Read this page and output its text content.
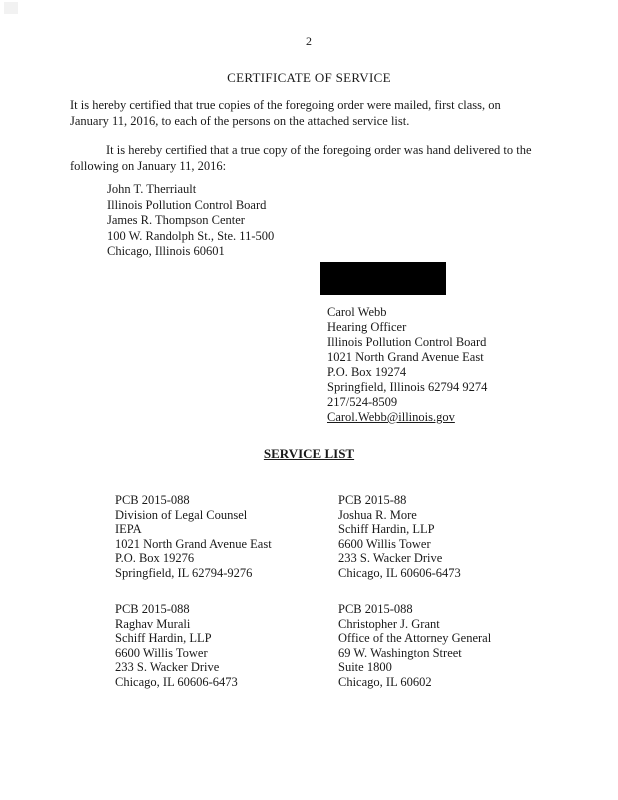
2
CERTIFICATE OF SERVICE
It is hereby certified that true copies of the foregoing order were mailed, first class, on January 11, 2016, to each of the persons on the attached service list.
It is hereby certified that a true copy of the foregoing order was hand delivered to the following on January 11, 2016:
John T. Therriault
Illinois Pollution Control Board
James R. Thompson Center
100 W. Randolph St., Ste. 11-500
Chicago, Illinois 60601
Carol Webb
Hearing Officer
Illinois Pollution Control Board
1021 North Grand Avenue East
P.O. Box 19274
Springfield, Illinois 62794 9274
217/524-8509
Carol.Webb@illinois.gov
SERVICE LIST
PCB 2015-088
Division of Legal Counsel
IEPA
1021 North Grand Avenue East
P.O. Box 19276
Springfield, IL 62794-9276
PCB 2015-88
Joshua R. More
Schiff Hardin, LLP
6600 Willis Tower
233 S. Wacker Drive
Chicago, IL 60606-6473
PCB 2015-088
Raghav Murali
Schiff Hardin, LLP
6600 Willis Tower
233 S. Wacker Drive
Chicago, IL 60606-6473
PCB 2015-088
Christopher J. Grant
Office of the Attorney General
69 W. Washington Street
Suite 1800
Chicago, IL 60602
